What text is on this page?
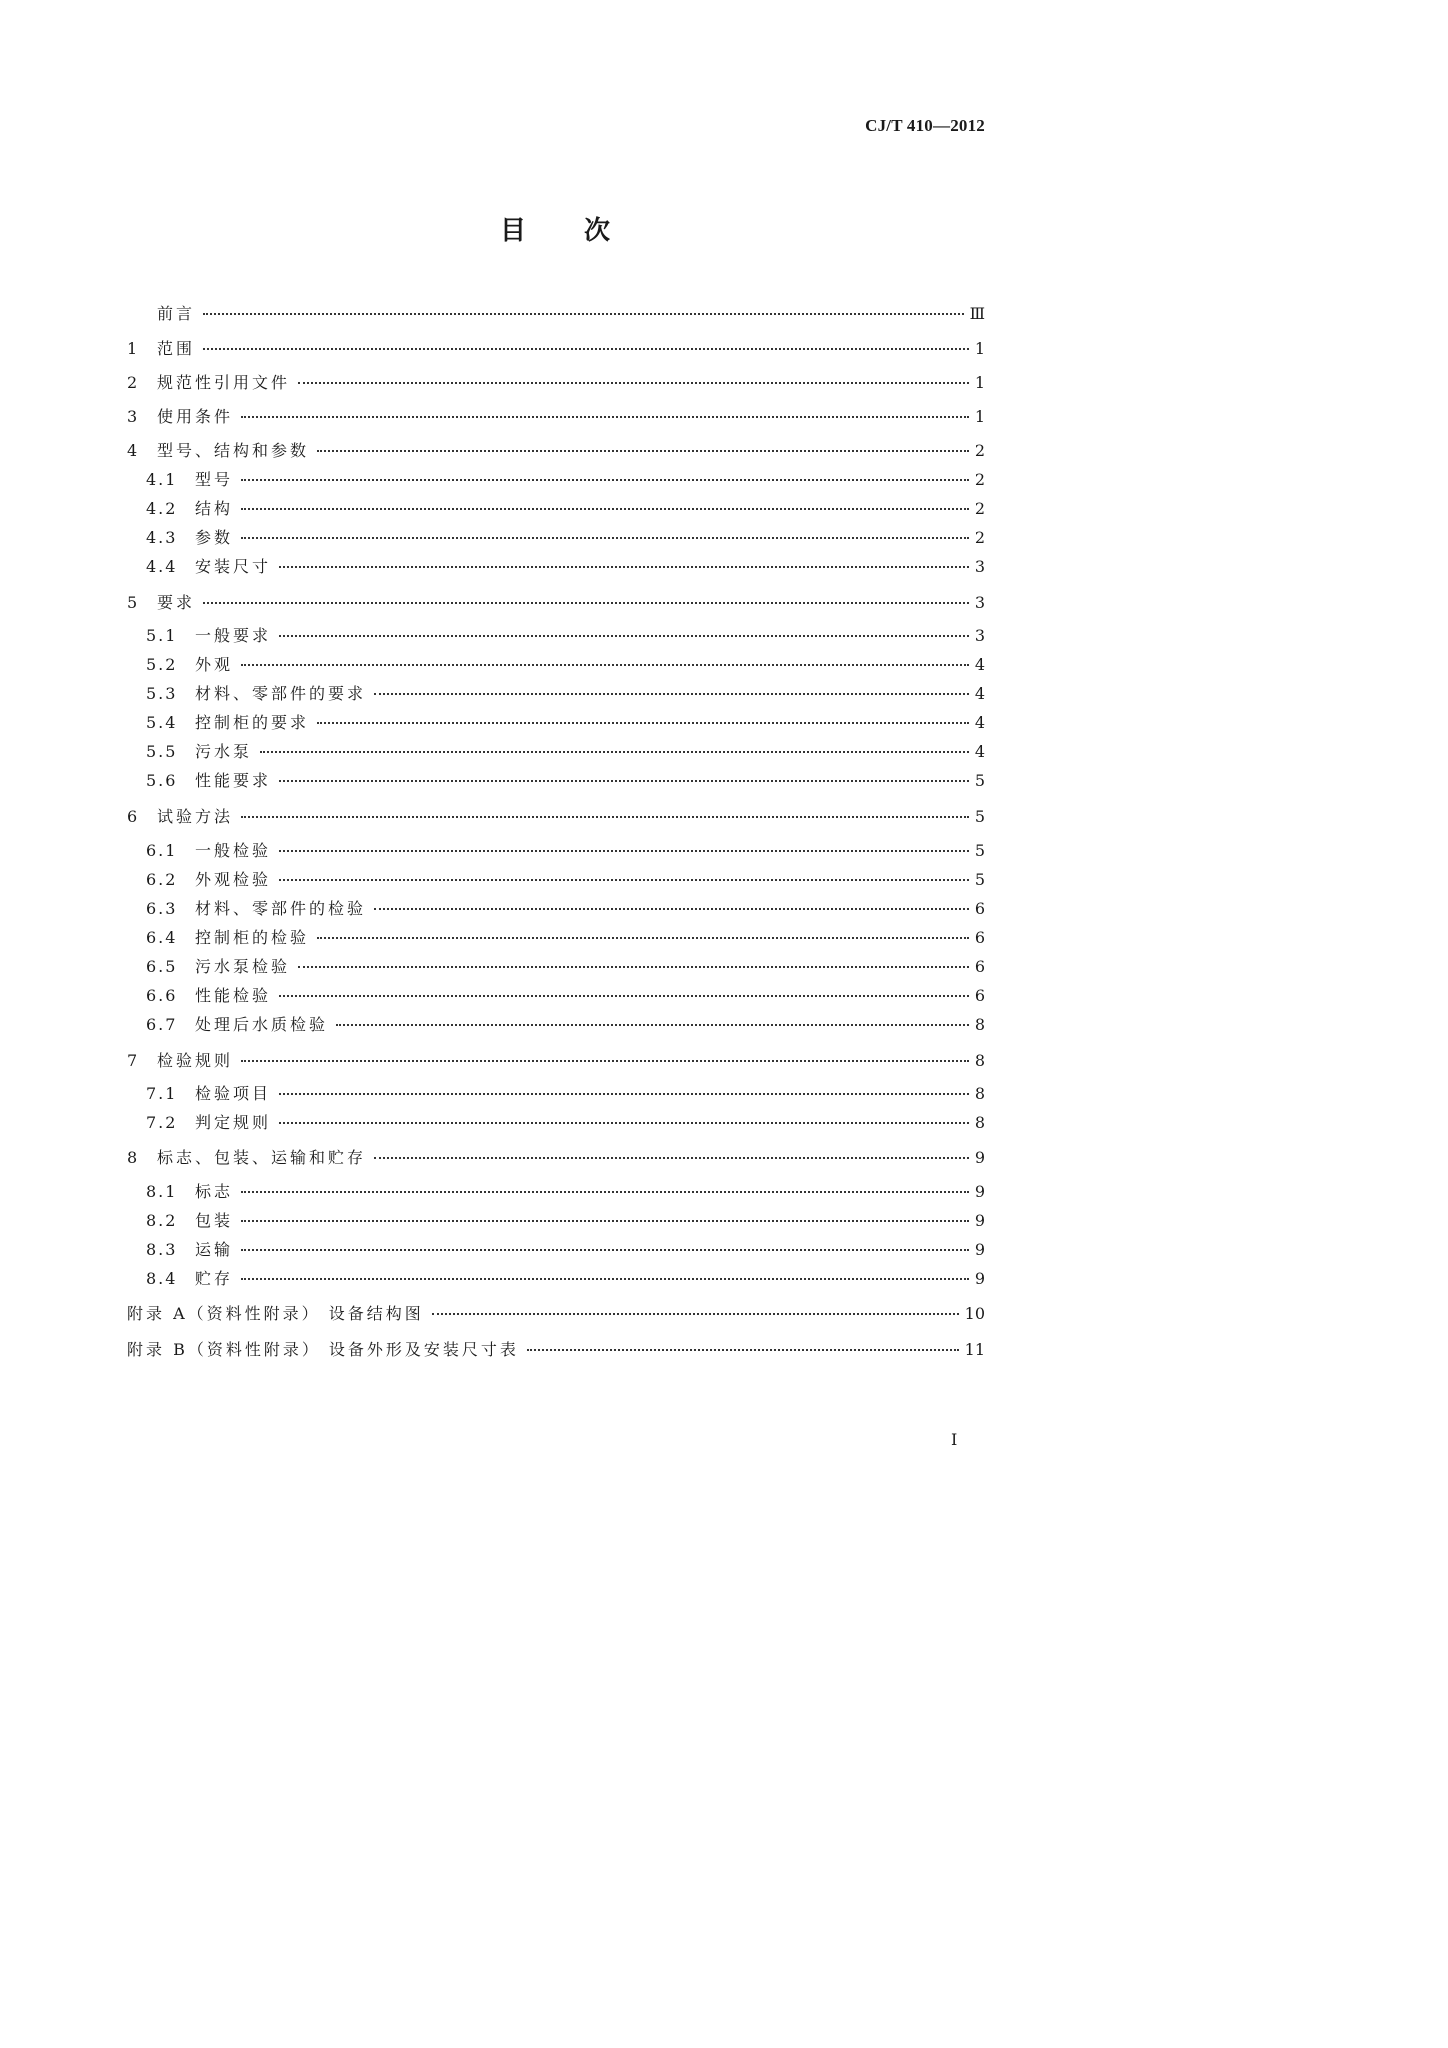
CJ/T 410—2012
目 次
前言	Ⅲ
1	范围	1
2	规范性引用文件	1
3	使用条件	1
4	型号、结构和参数	2
4.1	型号	2
4.2	结构	2
4.3	参数	2
4.4	安装尺寸	3
5	要求	3
5.1	一般要求	3
5.2	外观	4
5.3	材料、零部件的要求	4
5.4	控制柜的要求	4
5.5	污水泵	4
5.6	性能要求	5
6	试验方法	5
6.1	一般检验	5
6.2	外观检验	5
6.3	材料、零部件的检验	6
6.4	控制柜的检验	6
6.5	污水泵检验	6
6.6	性能检验	6
6.7	处理后水质检验	8
7	检验规则	8
7.1	检验项目	8
7.2	判定规则	8
8	标志、包装、运输和贮存	9
8.1	标志	9
8.2	包装	9
8.3	运输	9
8.4	贮存	9
附录 A（资料性附录） 设备结构图	10
附录 B（资料性附录） 设备外形及安装尺寸表	11
I
